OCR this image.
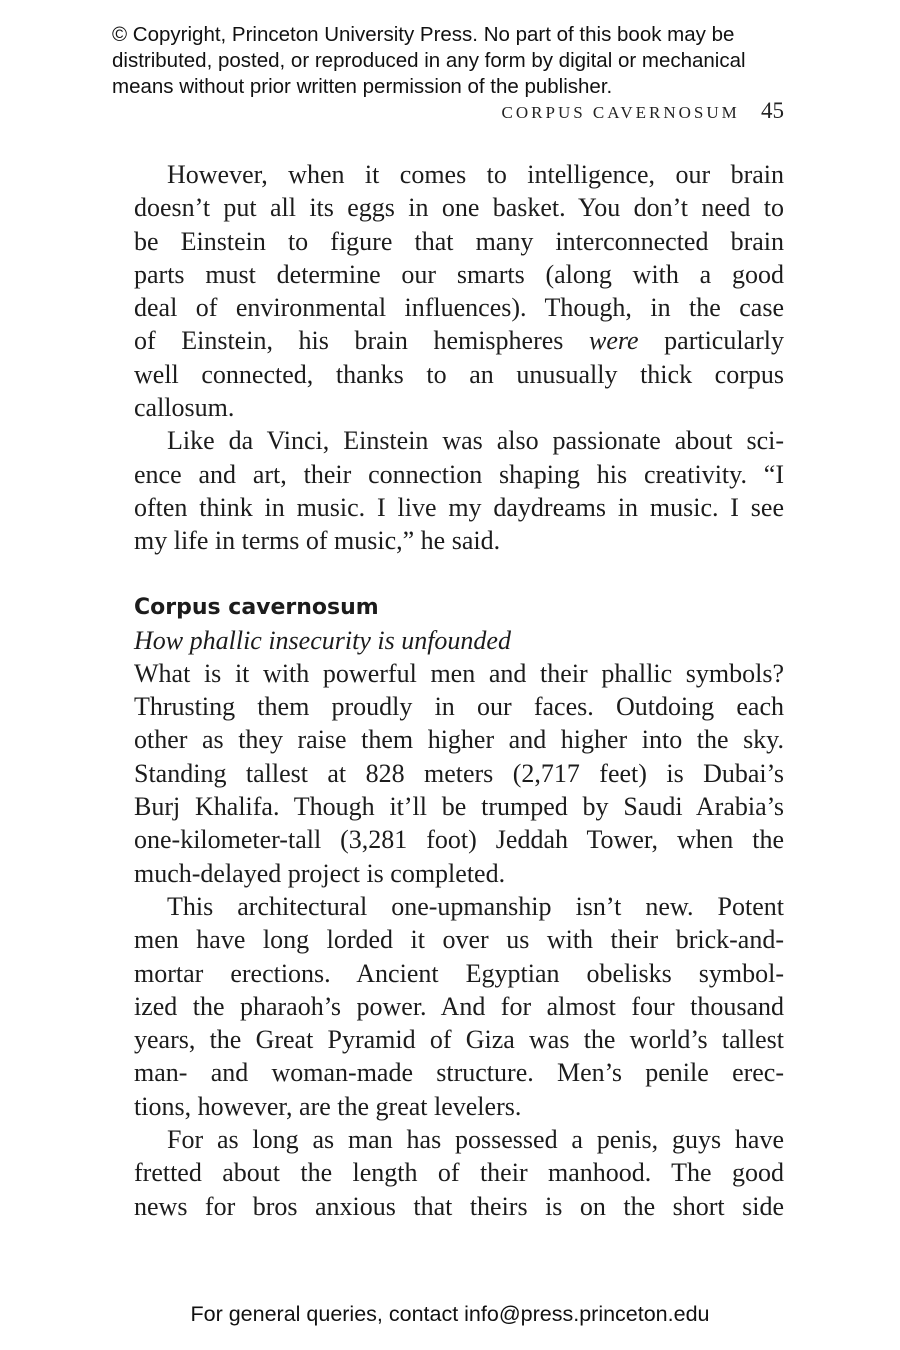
© Copyright, Princeton University Press. No part of this book may be
distributed, posted, or reproduced in any form by digital or mechanical
means without prior written permission of the publisher.
CORPUS CAVERNOSUM 45
However, when it comes to intelligence, our brain
doesn’t put all its eggs in one basket. You don’t need to
be Einstein to figure that many interconnected brain
parts must determine our smarts (along with a good
deal of environmental influences). Though, in the case
of Einstein, his brain hemispheres were particularly
well connected, thanks to an unusually thick corpus
callosum.
Like da Vinci, Einstein was also passionate about sci-
ence and art, their connection shaping his creativity. “I
often think in music. I live my daydreams in music. I see
my life in terms of music,” he said.
Corpus cavernosum
How phallic insecurity is unfounded
What is it with powerful men and their phallic symbols?
Thrusting them proudly in our faces. Outdoing each
other as they raise them higher and higher into the sky.
Standing tallest at 828 meters (2,717 feet) is Dubai’s
Burj Khalifa. Though it’ll be trumped by Saudi Arabia’s
one-kilometer-tall (3,281 foot) Jeddah Tower, when the
much-delayed project is completed.
This architectural one-upmanship isn’t new. Potent
men have long lorded it over us with their brick-and-
mortar erections. Ancient Egyptian obelisks symbol-
ized the pharaoh’s power. And for almost four thousand
years, the Great Pyramid of Giza was the world’s tallest
man- and woman-made structure. Men’s penile erec-
tions, however, are the great levelers.
For as long as man has possessed a penis, guys have
fretted about the length of their manhood. The good
news for bros anxious that theirs is on the short side
For general queries, contact info@press.princeton.edu
